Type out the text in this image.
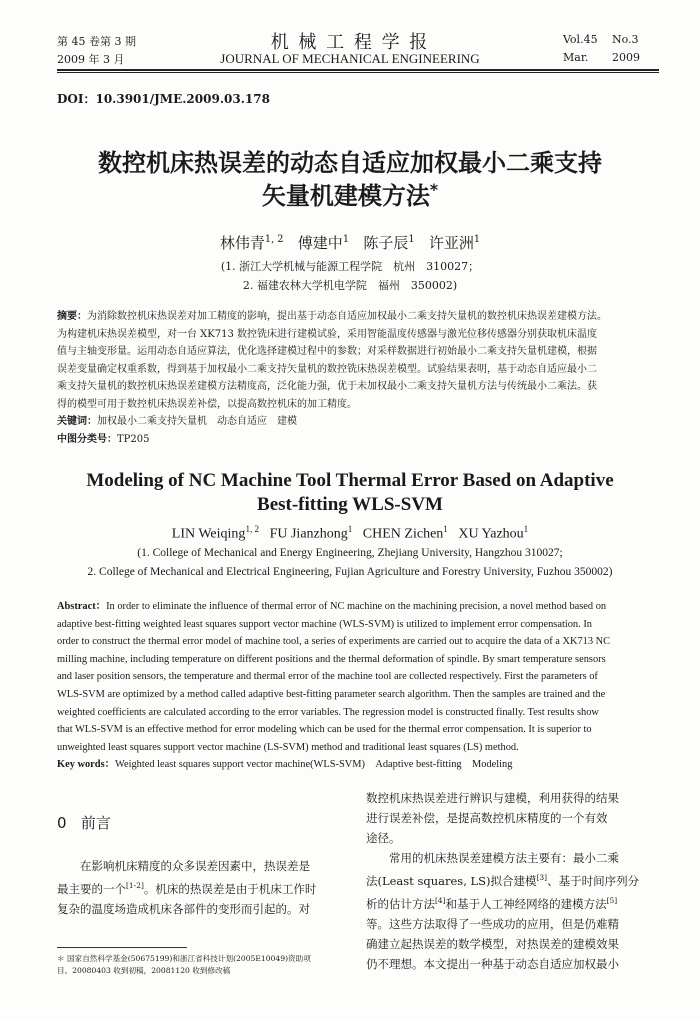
第 45 卷第 3 期
2009 年 3 月
机 械 工 程 学 报
JOURNAL OF MECHANICAL ENGINEERING
Vol.45 No.3
Mar. 2009
DOI：10.3901/JME.2009.03.178
数控机床热误差的动态自适应加权最小二乘支持
矢量机建模方法*
林伟青$^{1, 2}$ 傅建中$^1$ 陈子辰$^1$ 许亚洲$^1$
(1. 浙江大学机械与能源工程学院　杭州　310027；
2. 福建农林大学机电学院　福州　350002)
摘要：为消除数控机床热误差对加工精度的影响，提出基于动态自适应加权最小二乘支持矢量机的数控机床热误差建模方法。
为构建机床热误差模型，对一台 XK713 数控铣床进行建模试验，采用智能温度传感器与激光位移传感器分别获取机床温度
值与主轴变形量。运用动态自适应算法，优化选择建模过程中的参数；对采样数据进行初始最小二乘支持矢量机建模，根据
误差变量确定权重系数，得到基于加权最小二乘支持矢量机的数控铣床热误差模型。试验结果表明，基于动态自适应最小二
乘支持矢量机的数控机床热误差建模方法精度高，泛化能力强，优于未加权最小二乘支持矢量机方法与传统最小二乘法。获
得的模型可用于数控机床热误差补偿，以提高数控机床的加工精度。
关键词：加权最小二乘支持矢量机　动态自适应　建模
中图分类号：TP205
Modeling of NC Machine Tool Thermal Error Based on Adaptive
Best-fitting WLS-SVM
LIN Weiqing$^{1, 2}$ FU Jianzhong$^1$ CHEN Zichen$^1$ XU Yazhou$^1$
(1. College of Mechanical and Energy Engineering, Zhejiang University, Hangzhou 310027;
2. College of Mechanical and Electrical Engineering, Fujian Agriculture and Forestry University, Fuzhou 350002)
Abstract：In order to eliminate the influence of thermal error of NC machine on the machining precision, a novel method based on
adaptive best-fitting weighted least squares support vector machine (WLS-SVM) is utilized to implement error compensation. In
order to construct the thermal error model of machine tool, a series of experiments are carried out to acquire the data of a XK713 NC
milling machine, including temperature on different positions and the thermal deformation of spindle. By smart temperature sensors
and laser position sensors, the temperature and thermal error of the machine tool are collected respectively. First the parameters of
WLS-SVM are optimized by a method called adaptive best-fitting parameter search algorithm. Then the samples are trained and the
weighted coefficients are calculated according to the error variables. The regression model is constructed finally. Test results show
that WLS-SVM is an effective method for error modeling which can be used for the thermal error compensation. It is superior to
unweighted least squares support vector machine (LS-SVM) method and traditional least squares (LS) method.
Key words：Weighted least squares support vector machine(WLS-SVM)　Adaptive best-fitting　Modeling
0 前言
在影响机床精度的众多误差因素中，热误差是
最主要的一个[1-2]。机床的热误差是由于机床工作时
复杂的温度场造成机床各部件的变形而引起的。对
＊ 国家自然科学基金(50675199)和浙江省科技计划(2005E10049)资助项
目。20080403 收到初稿，20081120 收到修改稿
数控机床热误差进行辨识与建模，利用获得的结果
进行误差补偿，是提高数控机床精度的一个有效
途径。
常用的机床热误差建模方法主要有：最小二乘
法(Least squares, LS)拟合建模[3]、基于时间序列分
析的估计方法[4]和基于人工神经网络的建模方法[5]
等。这些方法取得了一些成功的应用，但是仍难精
确建立起热误差的数学模型，对热误差的建模效果
仍不理想。本文提出一种基于动态自适应加权最小
